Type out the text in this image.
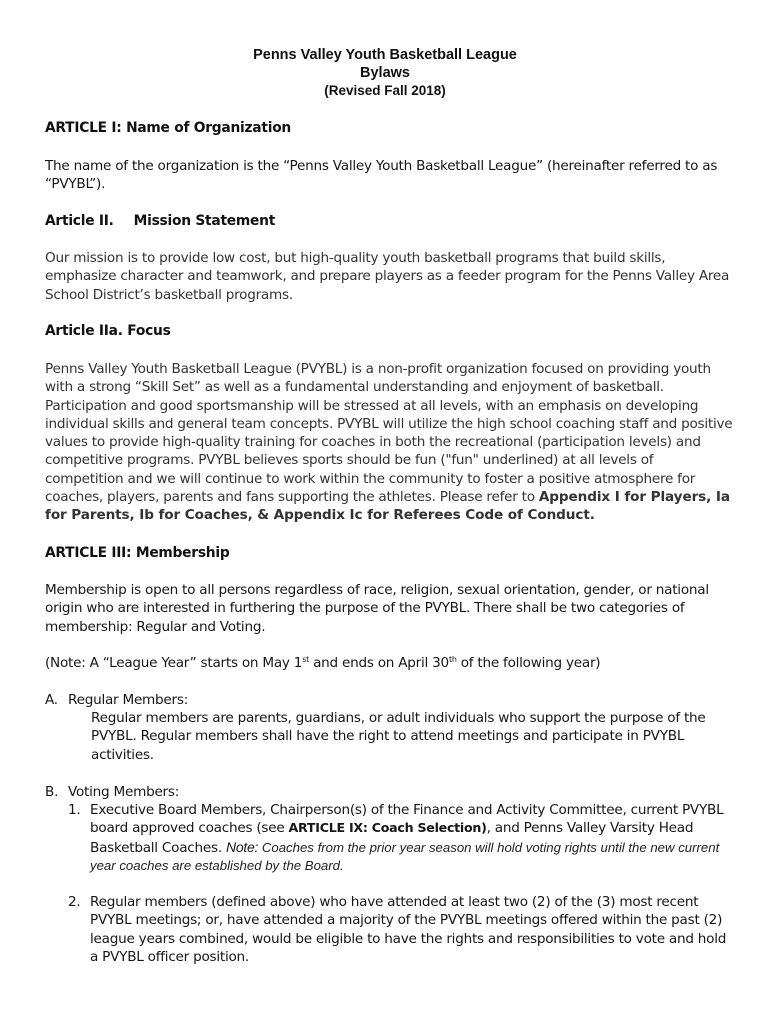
Penns Valley Youth Basketball League
Bylaws
(Revised Fall 2018)
ARTICLE I: Name of Organization
The name of the organization is the “Penns Valley Youth Basketball League” (hereinafter referred to as “PVYBL”).
Article II. Mission Statement
Our mission is to provide low cost, but high-quality youth basketball programs that build skills, emphasize character and teamwork, and prepare players as a feeder program for the Penns Valley Area School District’s basketball programs.
Article IIa. Focus
Penns Valley Youth Basketball League (PVYBL) is a non-profit organization focused on providing youth with a strong “Skill Set” as well as a fundamental understanding and enjoyment of basketball. Participation and good sportsmanship will be stressed at all levels, with an emphasis on developing individual skills and general team concepts. PVYBL will utilize the high school coaching staff and positive values to provide high-quality training for coaches in both the recreational (participation levels) and competitive programs. PVYBL believes sports should be fun ("fun" underlined) at all levels of competition and we will continue to work within the community to foster a positive atmosphere for coaches, players, parents and fans supporting the athletes. Please refer to Appendix I for Players, Ia for Parents, Ib for Coaches, & Appendix Ic for Referees Code of Conduct.
ARTICLE III: Membership
Membership is open to all persons regardless of race, religion, sexual orientation, gender, or national origin who are interested in furthering the purpose of the PVYBL. There shall be two categories of membership: Regular and Voting.
(Note: A “League Year” starts on May 1st and ends on April 30th of the following year)
A. Regular Members:
Regular members are parents, guardians, or adult individuals who support the purpose of the PVYBL. Regular members shall have the right to attend meetings and participate in PVYBL activities.
B. Voting Members:
1. Executive Board Members, Chairperson(s) of the Finance and Activity Committee, current PVYBL board approved coaches (see ARTICLE IX: Coach Selection), and Penns Valley Varsity Head Basketball Coaches. Note: Coaches from the prior year season will hold voting rights until the new current year coaches are established by the Board.
2. Regular members (defined above) who have attended at least two (2) of the (3) most recent PVYBL meetings; or, have attended a majority of the PVYBL meetings offered within the past (2) league years combined, would be eligible to have the rights and responsibilities to vote and hold a PVYBL officer position.
